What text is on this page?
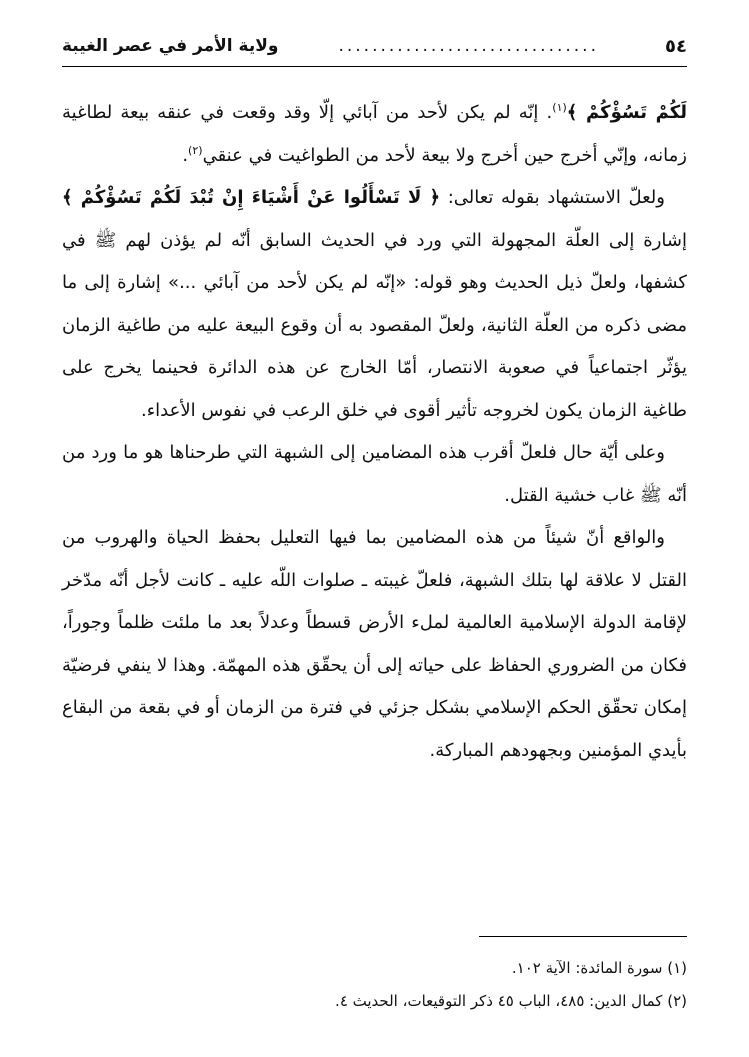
٥٤
...............................
ولاية الأمر في عصر الغيبة

لَكُمْ تَسُؤْكُمْ ﴾$^{(١)}$. إنّه لم يكن لأحد من آبائي إلّا وقد وقعت في عنقه بيعة لطاغية زمانه، وإنّي أخرج حين أخرج ولا بيعة لأحد من الطواغيت في عنقي$^{(٢)}$.

ولعلّ الاستشهاد بقوله تعالى: ﴿ لَا تَسْأَلُوا عَنْ أَشْيَاءَ إِنْ تُبْدَ لَكُمْ تَسُؤْكُمْ ﴾ إشارة إلى العلّة المجهولة التي ورد في الحديث السابق أنّه لم يؤذن لهم ﷺ في كشفها، ولعلّ ذيل الحديث وهو قوله: «إنّه لم يكن لأحد من آبائي ...» إشارة إلى ما مضى ذكره من العلّة الثانية، ولعلّ المقصود به أن وقوع البيعة عليه من طاغية الزمان يؤثّر اجتماعياً في صعوبة الانتصار، أمّا الخارج عن هذه الدائرة فحينما يخرج على طاغية الزمان يكون لخروجه تأثير أقوى في خلق الرعب في نفوس الأعداء.

وعلى أيّة حال فلعلّ أقرب هذه المضامين إلى الشبهة التي طرحناها هو ما ورد من أنّه ﷺ غاب خشية القتل.

والواقع أنّ شيئاً من هذه المضامين بما فيها التعليل بحفظ الحياة والهروب من القتل لا علاقة لها بتلك الشبهة، فلعلّ غيبته ـ صلوات اللّه عليه ـ كانت لأجل أنّه مدّخر لإقامة الدولة الإسلامية العالمية لملء الأرض قسطاً وعدلاً بعد ما ملئت ظلماً وجوراً، فكان من الضروري الحفاظ على حياته إلى أن يحقّق هذه المهمّة. وهذا لا ينفي فرضيّة إمكان تحقّق الحكم الإسلامي بشكل جزئي في فترة من الزمان أو في بقعة من البقاع بأيدي المؤمنين وبجهودهم المباركة.

(١) سورة المائدة: الآية ١٠٢.

(٢) كمال الدين: ٤٨٥، الباب ٤٥ ذكر التوقيعات، الحديث ٤.
